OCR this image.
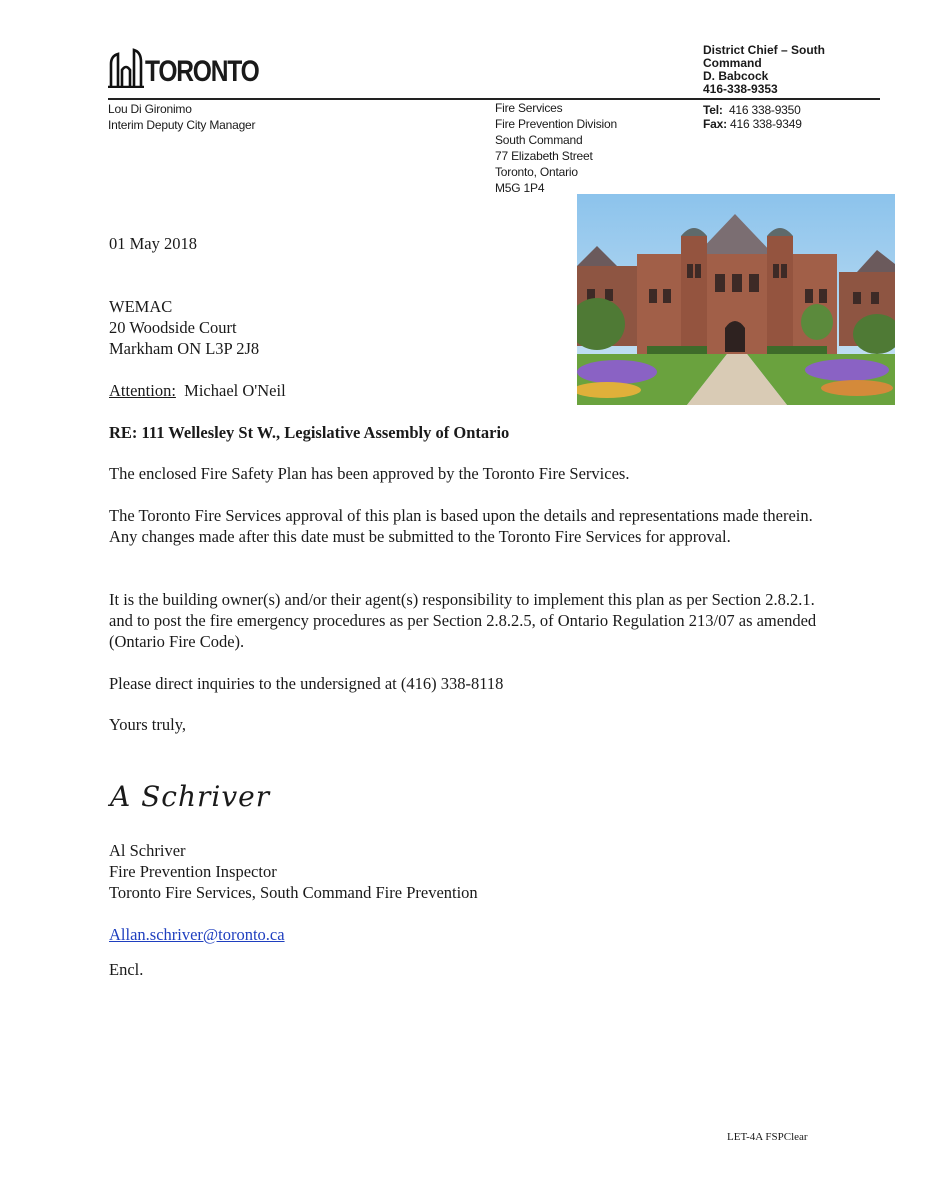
TORONTO
District Chief – South
Command
D. Babcock
416-338-9353
Lou Di Gironimo
Interim Deputy City Manager
Fire Services
Fire Prevention Division
South Command
77 Elizabeth Street
Toronto, Ontario
M5G 1P4
Tel: 416 338-9350
Fax: 416 338-9349
01 May 2018
WEMAC
20 Woodside Court
Markham ON L3P 2J8
Attention: Michael O'Neil
RE: 111 Wellesley St W., Legislative Assembly of Ontario
The enclosed Fire Safety Plan has been approved by the Toronto Fire Services.
The Toronto Fire Services approval of this plan is based upon the details and representations made therein. Any changes made after this date must be submitted to the Toronto Fire Services for approval.
It is the building owner(s) and/or their agent(s) responsibility to implement this plan as per Section 2.8.2.1. and to post the fire emergency procedures as per Section 2.8.2.5, of Ontario Regulation 213/07 as amended (Ontario Fire Code).
Please direct inquiries to the undersigned at (416) 338-8118
Yours truly,
A Schriver
Al Schriver
Fire Prevention Inspector
Toronto Fire Services, South Command Fire Prevention
Allan.schriver@toronto.ca
Encl.
LET-4A FSPClear
